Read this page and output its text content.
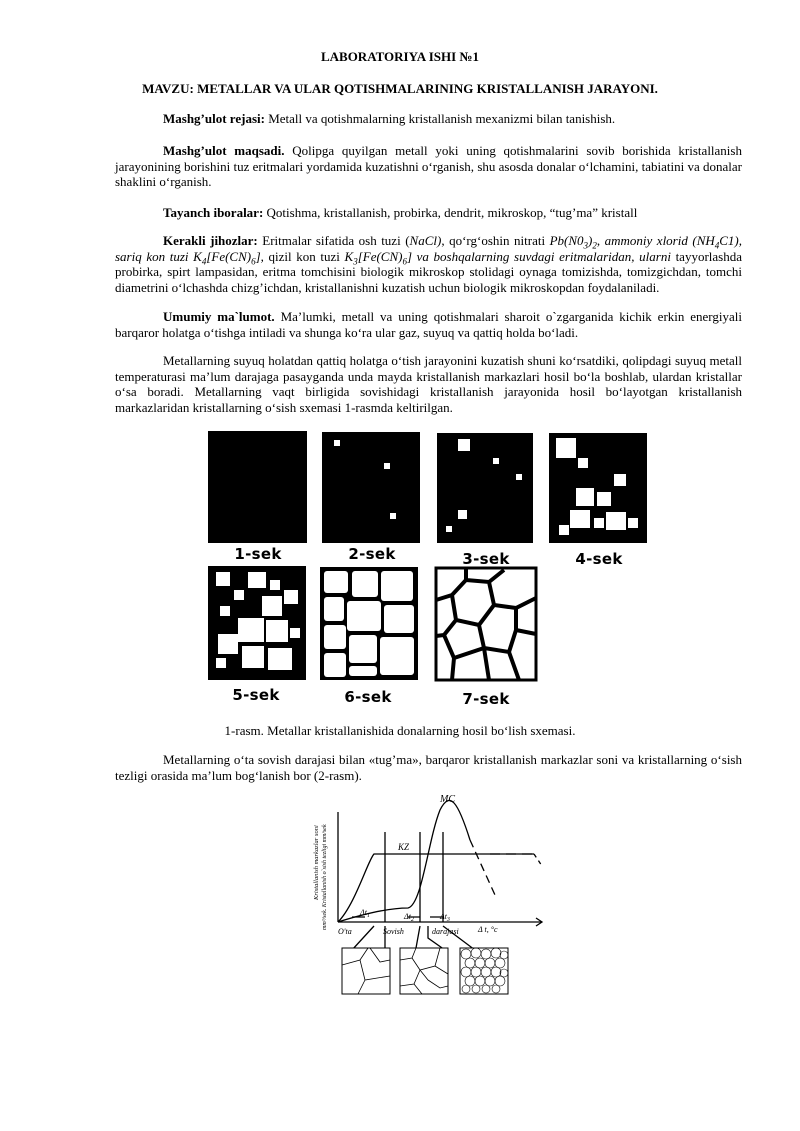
LABORATORIYA ISHI №1
MAVZU: METALLAR VA ULAR QOTISHMALARINING KRISTALLANISH JARAYONI.

Mashg’ulot rejasi: Metall va qotishmalarning kristallanish mexanizmi bilan tanishish.

Mashg’ulot maqsadi. Qolipga quyilgan metall yoki uning qotishmalarini sovib borishida kristallanish jarayonining borishini tuz eritmalari yordamida kuzatishni oʻrganish, shu asosda donalar oʻlchamini, tabiatini va donalar shaklini oʻrganish.

Tayanch iboralar: Qotishma, kristallanish, probirka, dendrit, mikroskop, “tug’ma” kristall

Kerakli jihozlar: Eritmalar sifatida osh tuzi (NaCl), qoʻrgʻoshin nitrati $Pb(N0_3)_2$, ammoniy xlorid $(NH_4C1)$, sariq kon tuzi $K_4[Fe(CN)_6]$, qizil kon tuzi $K_3[Fe(CN)_6]$ va boshqalarning suvdagi eritmalaridan, ularni tayyorlashda probirka, spirt lampasidan, eritma tomchisini biologik mikroskop stolidagi oynaga tomizishda, tomizgichdan, tomchi diametrini oʻlchashda chizg’ichdan, kristallanishni kuzatish uchun biologik mikroskopdan foydalaniladi.

Umumiy ma`lumot. Ma’lumki, metall va uning qotishmalari sharoit o`zgarganida kichik erkin energiyali barqaror holatga oʻtishga intiladi va shunga koʻra ular gaz, suyuq va qattiq holda boʻladi.

Metallarning suyuq holatdan qattiq holatga oʻtish jarayonini kuzatish shuni koʻrsatdiki, qolipdagi suyuq metall temperaturasi ma’lum darajaga pasayganda unda mayda kristallanish markazlari hosil boʻla boshlab, ulardan kristallar oʻsa boradi. Metallarning vaqt birligida sovishidagi kristallanish jarayonida hosil boʻlayotgan kristallanish markazlaridan kristallarning oʻsish sxemasi 1-rasmda keltirilgan.

1-sek	2-sek	3-sek	4-sek
5-sek	6-sek	7-sek
1-rasm. Metallar kristallanishida donalarning hosil boʻlish sxemasi.

Metallarning oʻta sovish darajasi bilan «tug’ma», barqaror kristallanish markazlar soni va kristallarning oʻsish tezligi orasida ma’lum bog‘lanish bor (2-rasm).

MC
KZ
$\Delta t_1$	$\Delta t_2$	$\Delta t_3$
O'ta	Sovish	darajasi Δ t, °c
Kristallanish markazlar soni mm³/sek. Kristallanish o`sish tezligi mm/sek
